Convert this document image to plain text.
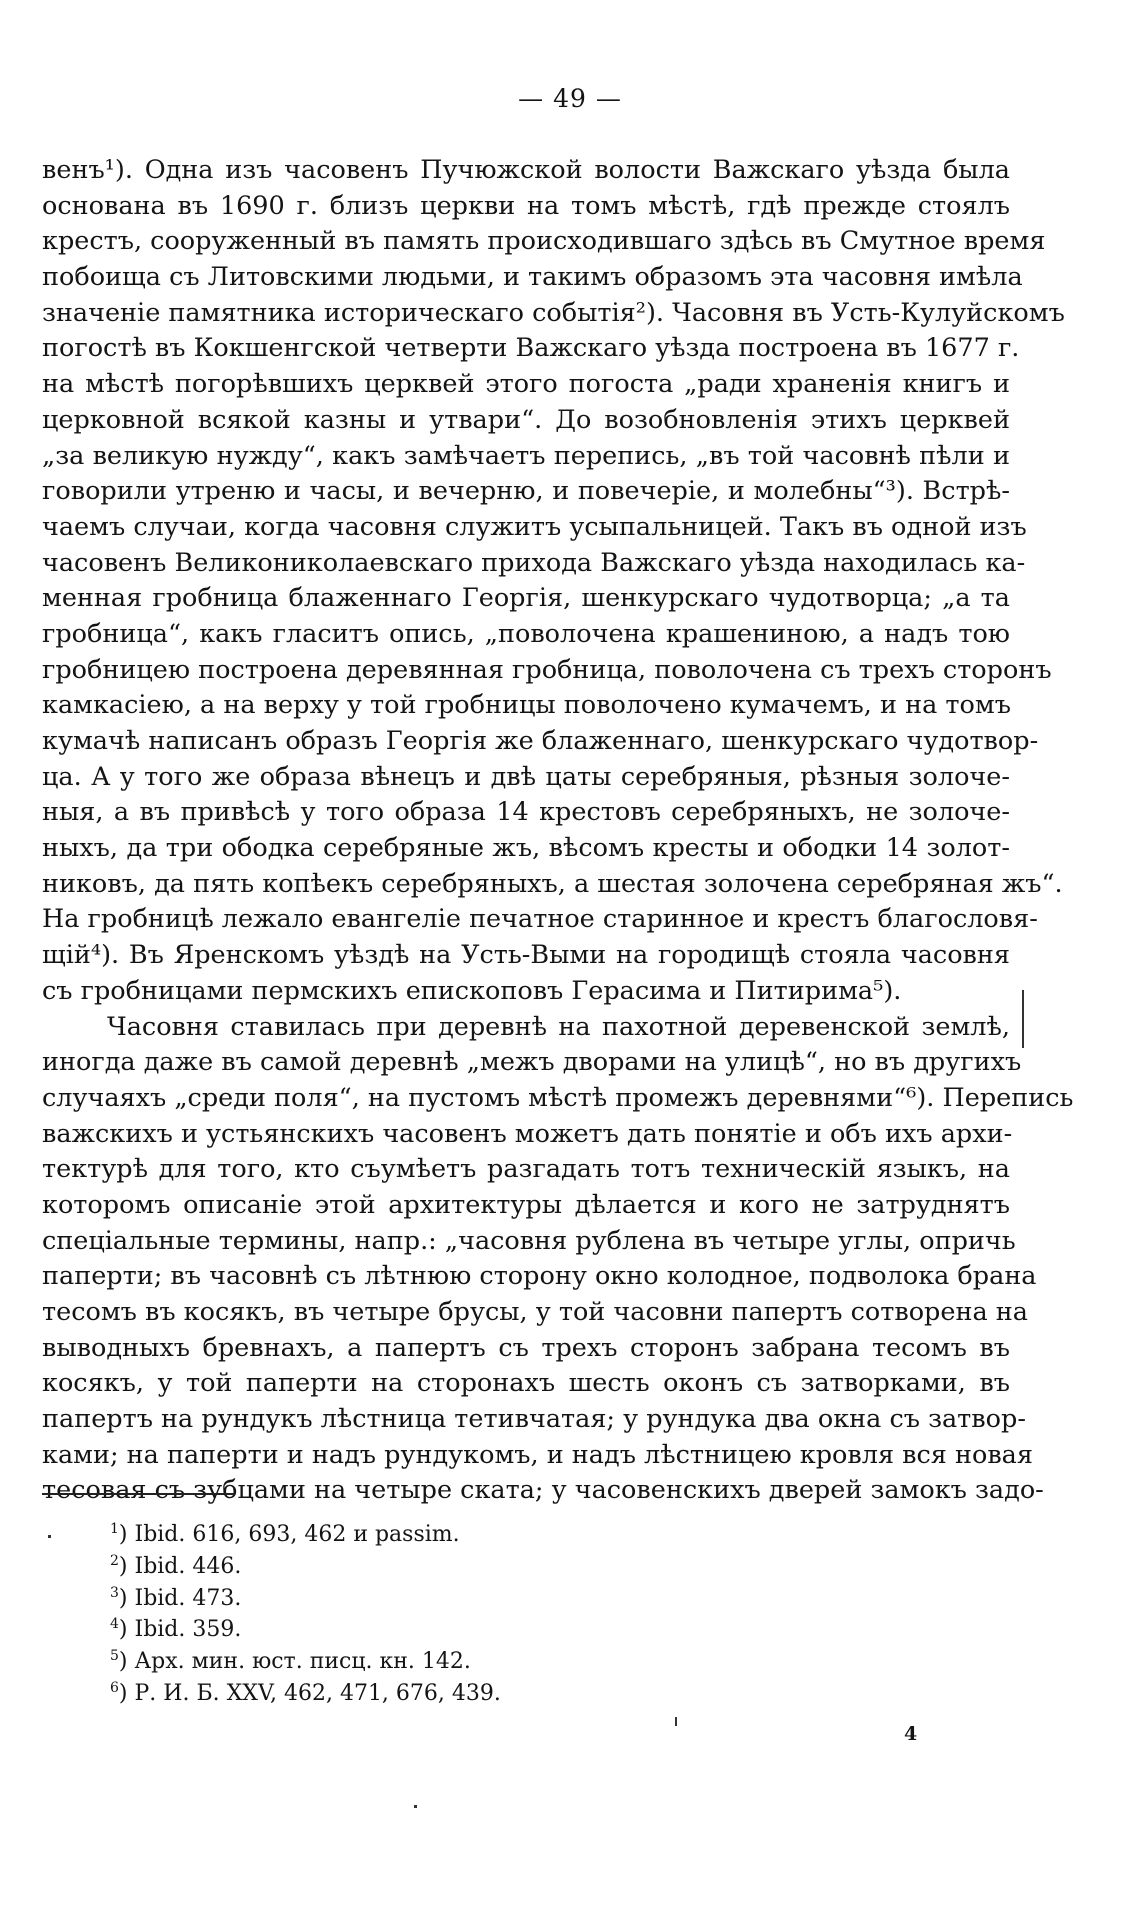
— 49 —
венъ¹). Одна изъ часовенъ Пучюжской волости Важскаго уѣзда была
основана въ 1690 г. близъ церкви на томъ мѣстѣ, гдѣ прежде стоялъ
крестъ, сооруженный въ память происходившаго здѣсь въ Смутное время
побоища съ Литовскими людьми, и такимъ образомъ эта часовня имѣла
значеніе памятника историческаго событія²). Часовня въ Усть-Кулуйскомъ
погостѣ въ Кокшенгской четверти Важскаго уѣзда построена въ 1677 г.
на мѣстѣ погорѣвшихъ церквей этого погоста „ради храненія книгъ и
церковной всякой казны и утвари“. До возобновленія этихъ церквей
„за великую нужду“, какъ замѣчаетъ перепись, „въ той часовнѣ пѣли и
говорили утреню и часы, и вечерню, и повечеріе, и молебны“³). Встрѣ-
чаемъ случаи, когда часовня служитъ усыпальницей. Такъ въ одной изъ
часовенъ Великониколаевскаго прихода Важскаго уѣзда находилась ка-
менная гробница блаженнаго Георгія, шенкурскаго чудотворца; „а та
гробница“, какъ гласитъ опись, „поволочена крашениною, а надъ тою
гробницею построена деревянная гробница, поволочена съ трехъ сторонъ
камкасіею, а на верху у той гробницы поволочено кумачемъ, и на томъ
кумачѣ написанъ образъ Георгія же блаженнаго, шенкурскаго чудотвор-
ца. А у того же образа вѣнецъ и двѣ цаты серебряныя, рѣзныя золоче-
ныя, а въ привѣсѣ у того образа 14 крестовъ серебряныхъ, не золоче-
ныхъ, да три ободка серебряные жъ, вѣсомъ кресты и ободки 14 золот-
никовъ, да пять копѣекъ серебряныхъ, а шестая золочена серебряная жъ“.
На гробницѣ лежало евангеліе печатное старинное и крестъ благословя-
щій⁴). Въ Яренскомъ уѣздѣ на Усть-Выми на городищѣ стояла часовня
съ гробницами пермскихъ епископовъ Герасима и Питирима⁵).
Часовня ставилась при деревнѣ на пахотной деревенской землѣ,
иногда даже въ самой деревнѣ „межъ дворами на улицѣ“, но въ другихъ
случаяхъ „среди поля“, на пустомъ мѣстѣ промежъ деревнями“⁶). Перепись
важскихъ и устьянскихъ часовенъ можетъ дать понятіе и объ ихъ архи-
тектурѣ для того, кто съумѣетъ разгадать тотъ техническій языкъ, на
которомъ описаніе этой архитектуры дѣлается и кого не затруднятъ
спеціальные термины, напр.: „часовня рублена въ четыре углы, опричь
паперти; въ часовнѣ съ лѣтнюю сторону окно колодное, подволока брана
тесомъ въ косякъ, въ четыре брусы, у той часовни папертъ сотворена на
выводныхъ бревнахъ, а папертъ съ трехъ сторонъ забрана тесомъ въ
косякъ, у той паперти на сторонахъ шесть оконъ съ затворками, въ
папертъ на рундукъ лѣстница тетивчатая; у рундука два окна съ затвор-
ками; на паперти и надъ рундукомъ, и надъ лѣстницею кровля вся новая
тесовая съ зубцами на четыре ската; у часовенскихъ дверей замокъ задо-
$^1$) Ibid. 616, 693, 462 и passim.
$^2$) Ibid. 446.
$^3$) Ibid. 473.
$^4$) Ibid. 359.
$^5$) Арх. мин. юст. писц. кн. 142.
$^6$) Р. И. Б. XXV, 462, 471, 676, 439.
4
